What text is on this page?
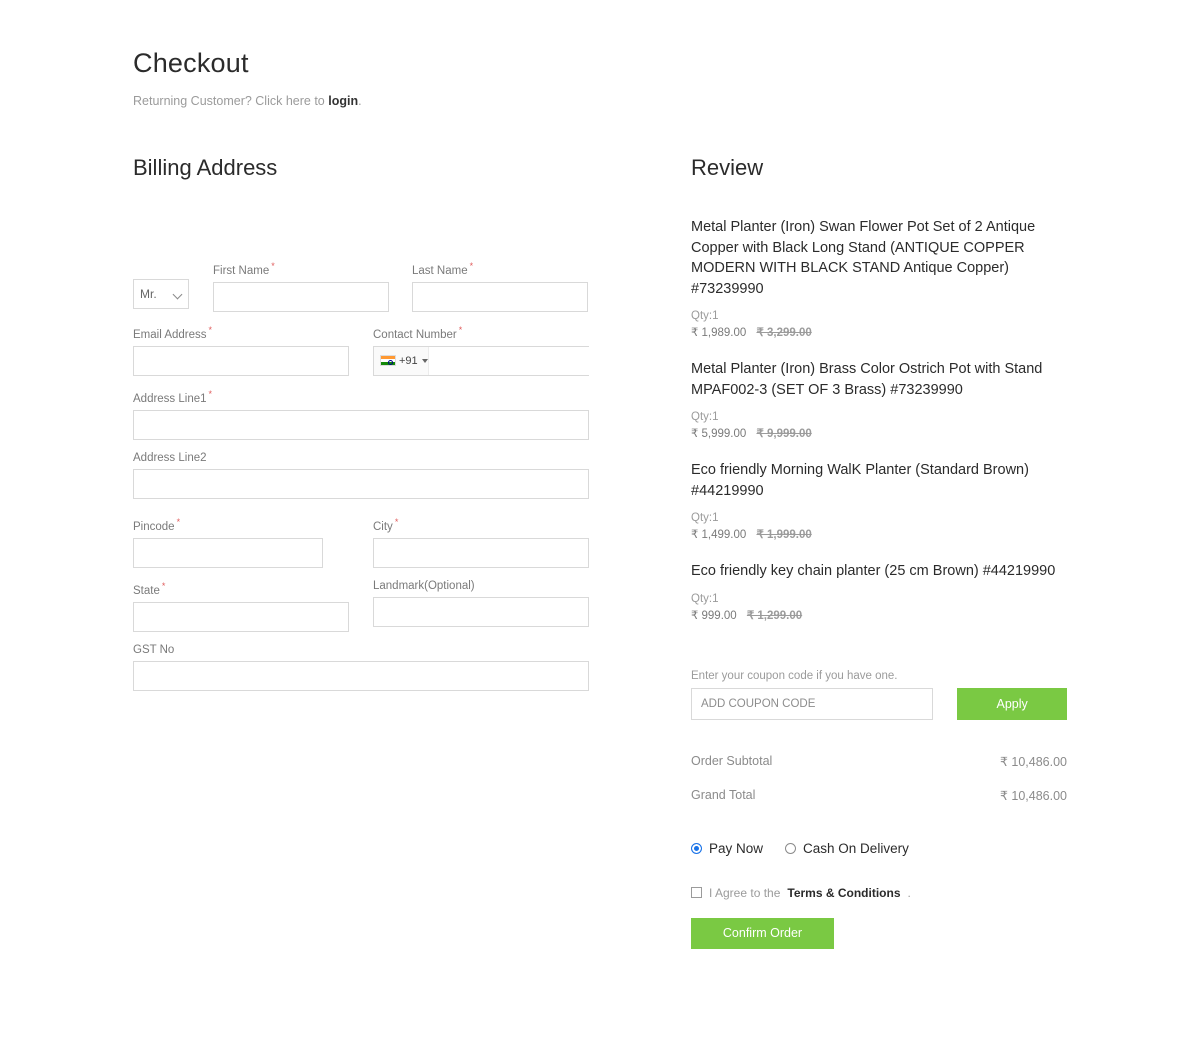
Checkout
Returning Customer? Click here to login.
Billing Address
Mr.
First Name *	Last Name *
Email Address *	Contact Number *
+91
Address Line1 *
Address Line2
Pincode *	City *
State *	Landmark(Optional)
GST No
Review

Metal Planter (Iron) Swan Flower Pot Set of 2 Antique Copper with Black Long Stand (ANTIQUE COPPER MODERN WITH BLACK STAND Antique Copper) #73239990

Qty:1
₹ 1,989.00 ₹ 3,299.00

Metal Planter (Iron) Brass Color Ostrich Pot with Stand MPAF002-3 (SET OF 3 Brass) #73239990

Qty:1
₹ 5,999.00 ₹ 9,999.00

Eco friendly Morning WalK Planter (Standard Brown) #44219990

Qty:1
₹ 1,499.00 ₹ 1,999.00

Eco friendly key chain planter (25 cm Brown) #44219990

Qty:1
₹ 999.00 ₹ 1,299.00

Enter your coupon code if you have one.

ADD COUPON CODE
Apply
Order Subtotal	₹ 10,486.00
Grand Total	₹ 10,486.00
Pay Now	Cash On Delivery
I Agree to the Terms & Conditions .
Confirm Order
